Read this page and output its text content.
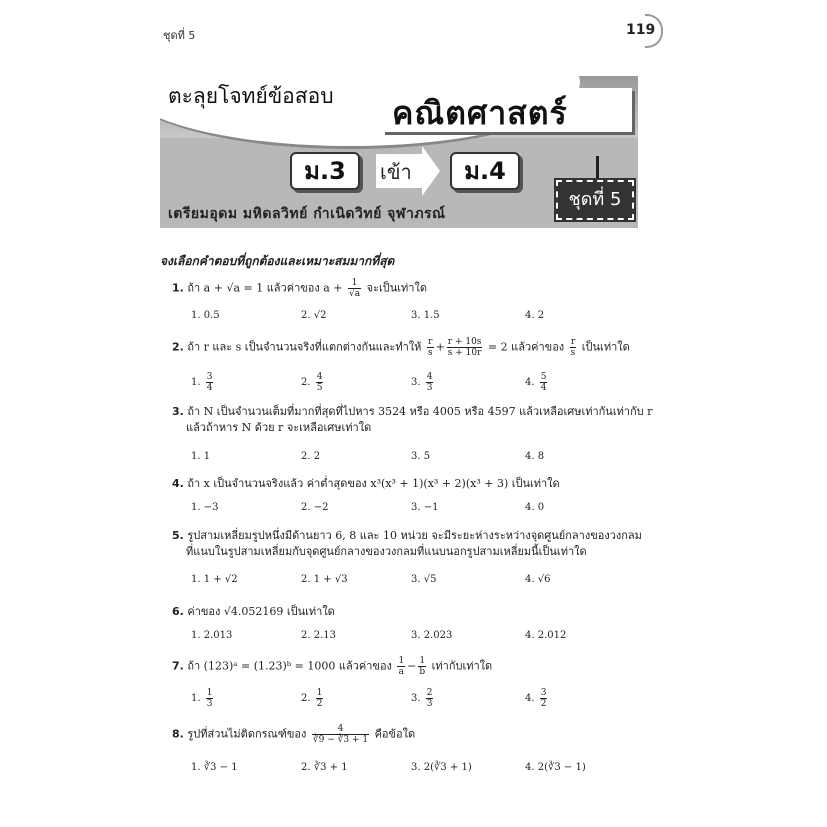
ชุดที่ 5	119
ตะลุยโจทย์ข้อสอบ คณิตศาสตร์
ม.3	เข้า	ม.4
ชุดที่ 5
เตรียมอุดม มหิดลวิทย์ กำเนิดวิทย์ จุฬาภรณ์
จงเลือกคำตอบที่ถูกต้องและเหมาะสมมากที่สุด
1. ถ้า a + √a = 1 แล้วค่าของ $a + \frac{1}{√a}$ จะเป็นเท่าใด
1. 0.5	2. √2	3. 1.5	4. 2
2. ถ้า r และ s เป็นจำนวนจริงที่แตกต่างกันและทำให้ $\frac{r}{s} + \frac{r + 10s}{s + 10r} = 2$ แล้วค่าของ $\frac{r}{s}$ เป็นเท่าใด
1. $\frac{3}{4}$	2. $\frac{4}{5}$	3. $\frac{4}{3}$	4. $\frac{5}{4}$
3. ถ้า N เป็นจำนวนเต็มที่มากที่สุดที่ไปหาร 3524 หรือ 4005 หรือ 4597 แล้วเหลือเศษเท่ากันเท่ากับ r
แล้วถ้าหาร N ด้วย r จะเหลือเศษเท่าใด
1. 1	2. 2	3. 5	4. 8
4. ถ้า x เป็นจำนวนจริงแล้ว ค่าต่ำสุดของ x³(x³ + 1)(x³ + 2)(x³ + 3) เป็นเท่าใด
1. −3	2. −2	3. −1	4. 0
5. รูปสามเหลี่ยมรูปหนึ่งมีด้านยาว 6, 8 และ 10 หน่วย จะมีระยะห่างระหว่างจุดศูนย์กลางของวงกลม
ที่แนบในรูปสามเหลี่ยมกับจุดศูนย์กลางของวงกลมที่แนบนอกรูปสามเหลี่ยมนี้เป็นเท่าใด
1. 1 + √2	2. 1 + √3	3. √5	4. √6
6. ค่าของ √4.052169 เป็นเท่าใด
1. 2.013	2. 2.13	3. 2.023	4. 2.012
7. ถ้า (123)ᵃ = (1.23)ᵇ = 1000 แล้วค่าของ $\frac{1}{a} - \frac{1}{b}$ เท่ากับเท่าใด
1. $\frac{1}{3}$	2. $\frac{1}{2}$	3. $\frac{2}{3}$	4. $\frac{3}{2}$
8. รูปที่ส่วนไม่ติดกรณฑ์ของ $\frac{4}{∛9 - ∛3 + 1}$ คือข้อใด
1. ∛3 − 1	2. ∛3 + 1	3. 2(∛3 + 1)	4. 2(∛3 − 1)
